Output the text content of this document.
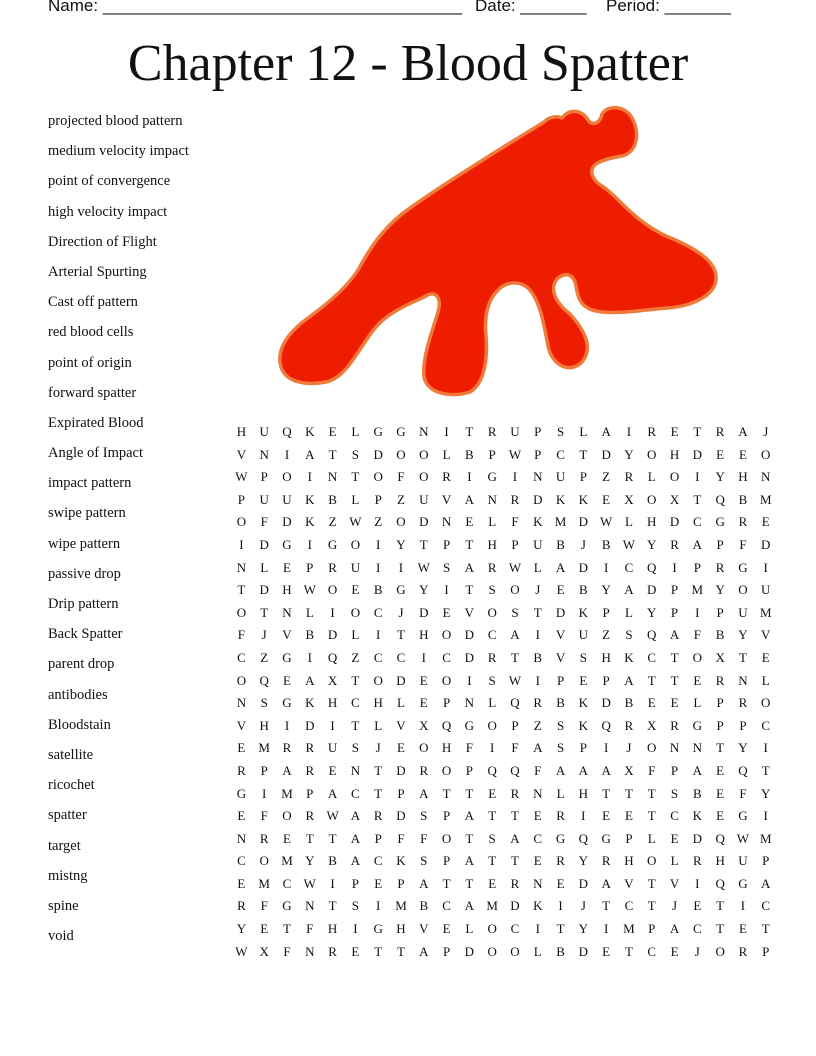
Name: ______________________________________

Date: _______

Period: _______

Chapter 12 - Blood Spatter
projected blood pattern
medium velocity impact
point of convergence
high velocity impact
Direction of Flight
Arterial Spurting
Cast off pattern
red blood cells
point of origin
forward spatter
Expirated Blood
Angle of Impact
impact pattern
swipe pattern
wipe pattern
passive drop
Drip pattern
Back Spatter
parent drop
antibodies
Bloodstain
satellite
ricochet
spatter
target
mistng
spine
void
H	U	Q	K	E	L	G	G	N	I	T	R	U	P	S	L	A	I	R	E	T	R	A	J
V	N	I	A	T	S	D	O	O	L	B	P	W	P	C	T	D	Y	O	H	D	E	E	O
W	P	O	I	N	T	O	F	O	R	I	G	I	N	U	P	Z	R	L	O	I	Y	H	N
P	U	U	K	B	L	P	Z	U	V	A	N	R	D	K	K	E	X	O	X	T	Q	B M
O	F	D	K	Z W Z	O	D	N	E	L	F	K M D W L	H	D	C	G	R	E
I	D	G	I	G	O	I	Y	T	P	T	H	P	U	B	J	B W Y	R	A	P	F	D
N	L	E	P	R	U	I	I	W	S	A	R W L	A	D	I	C	Q	I	P	R	G	I
T	D	H W O	E	B	G	Y	I	T	S	O	J	E	B	Y	A	D	P	M Y	O	U
O	T	N	L	I	O	C	J	D	E	V	O	S	T	D	K	P	L	Y	P	I	P	U M
F	J	V	B	D	L	I	T	H	O	D	C	A	I	V	U	Z	S	Q	A	F	B	Y	V
C	Z	G	I	Q	Z	C	C	I	C	D	R	T	B	V	S	H	K	C	T	O	X	T	E
O	Q	E	A	X	T	O	D	E	O	I	S	W	I	P	E	P	A	T	T	E	R	N	L
N	S	G	K	H	C	H	L	E	P	N	L	Q	R	B	K	D	B	E	E	L	P	R	O
V	H	I	D	I	T	L	V	X	Q	G	O	P	Z	S	K	Q	R	X	R	G	P	P	C
E	M R	R	U	S	J	E	O	H	F	I	F	A	S	P	I	J	O	N	N	T	Y	I
R	P	A	R	E	N	T	D	R	O	P	Q	Q	F	A	A	A	X	F	P	A	E	Q	T
G	I	M	P	A	C	T	P	A	T	T	E	R	N	L	H	T	T	T	S	B	E	F	Y
E	F	O	R W A	R	D	S	P	A	T	T	E	R	I	E	E	T	C	K	E	G	I
N	R	E	T	T	A	P	F	F	O	T	S	A	C	G	Q	G	P	L	E	D	Q W M
C	O M Y	B	A	C	K	S	P	A	T	T	E	R	Y	R	H	O	L	R	H	U	P
E	M C W	I	P	E	P	A	T	T	E	R	N	E	D	A	V	T	V	I	Q	G	A
R	F	G	N	T	S	I	M B	C	A M D	K	I	J	T	C	T	J	E	T	I	C
Y	E	T	F	H	I	G	H	V	E	L	O	C	I	T	Y	I	M	P	A	C	T	E	T
W X	F	N	R	E	T	T	A	P	D	O	O	L	B	D	E	T	C	E	J	O	R	P
